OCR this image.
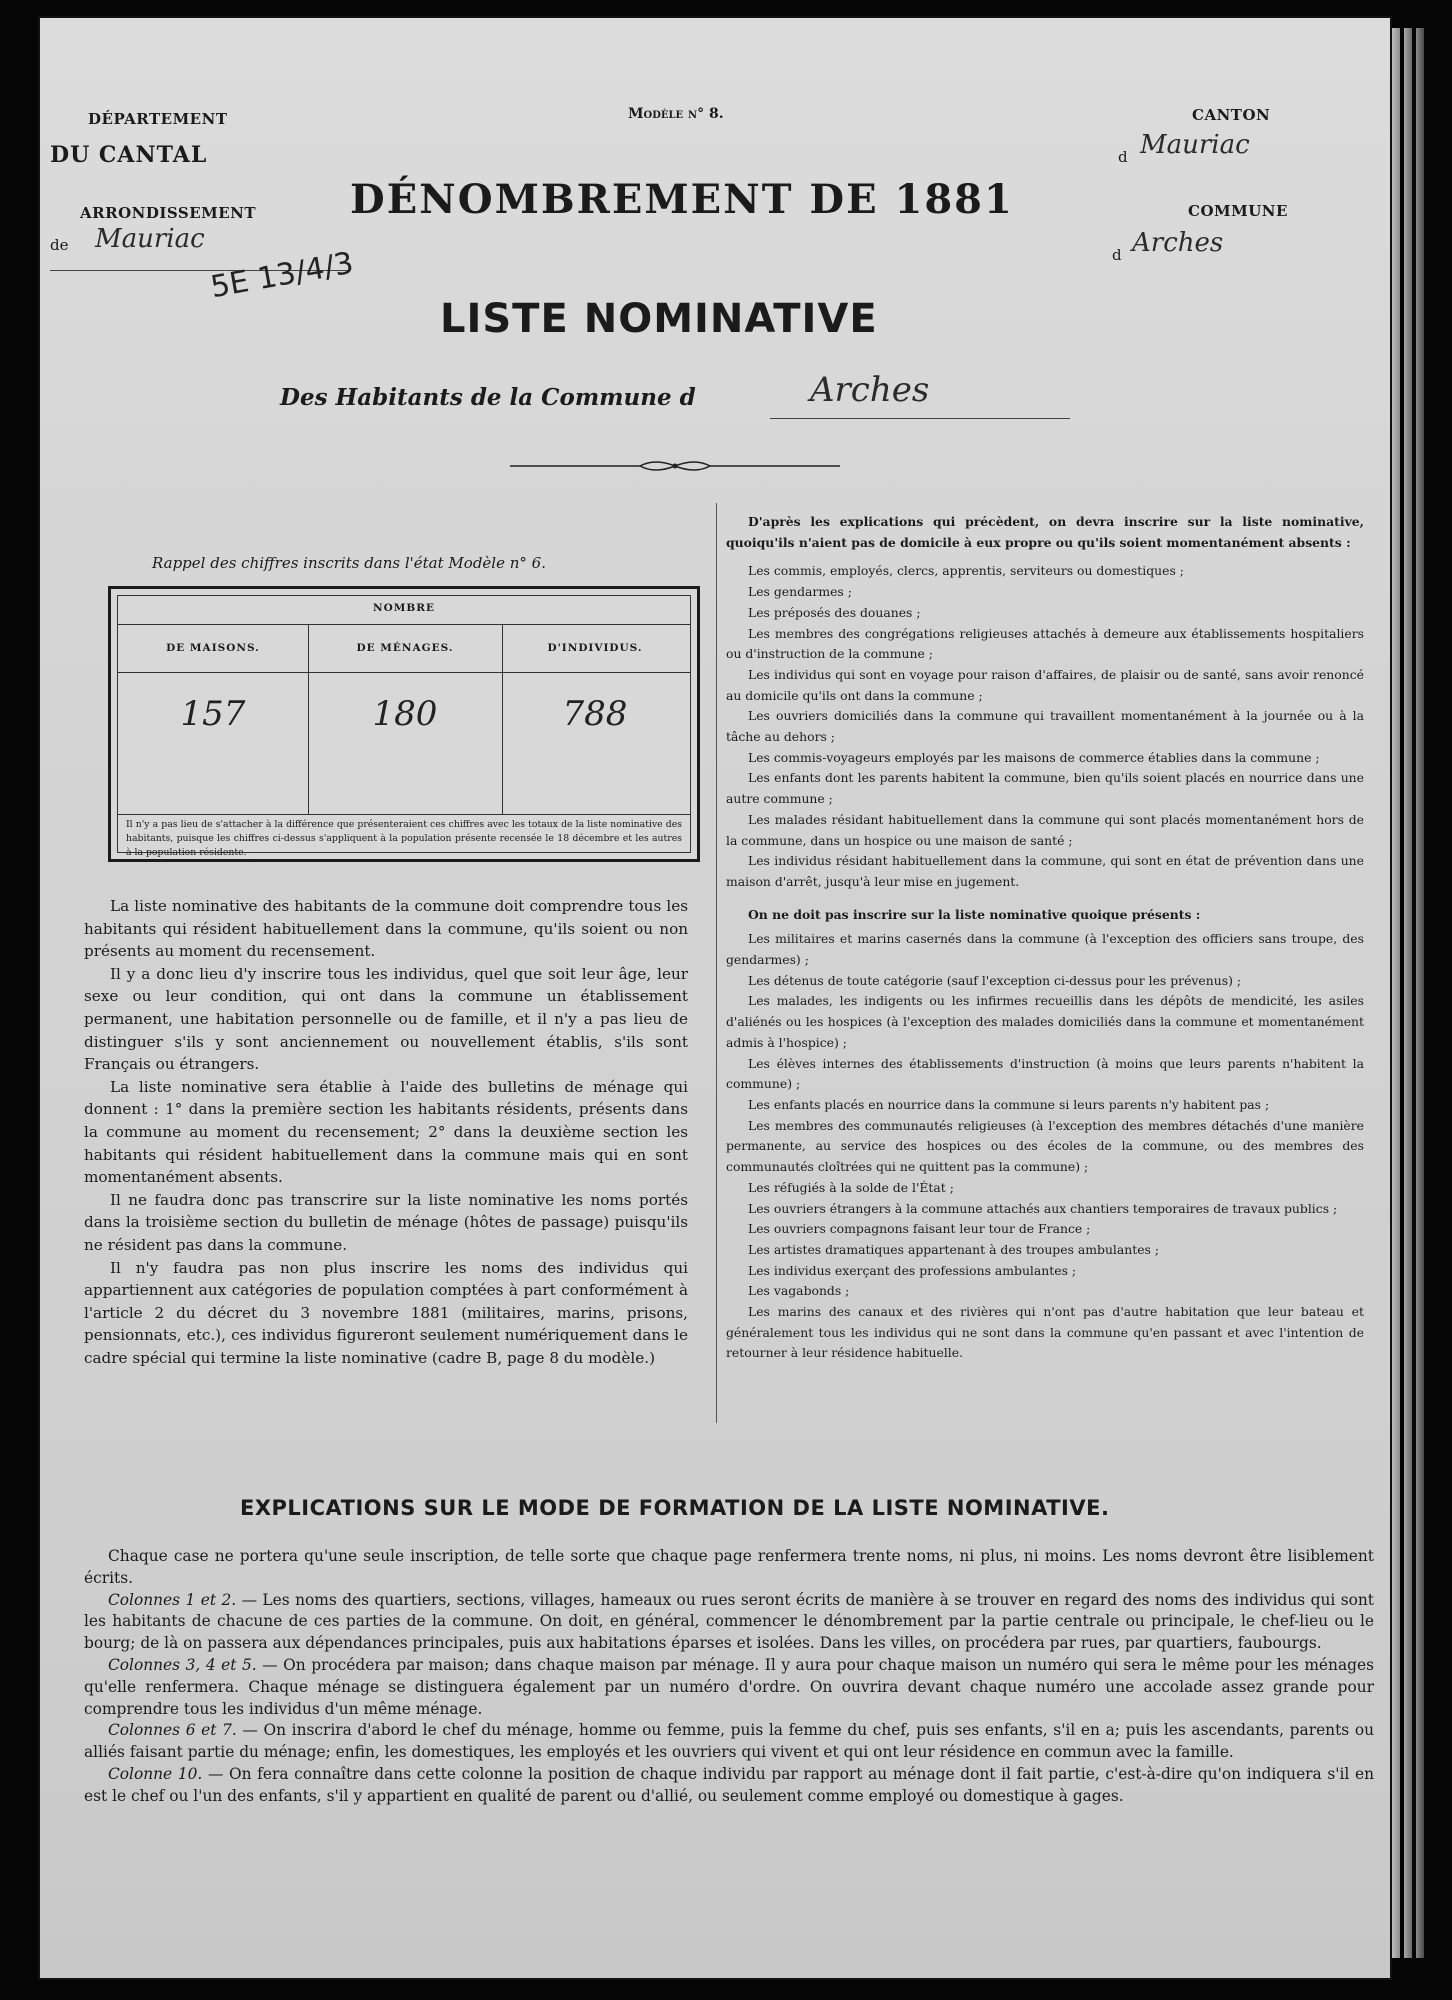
DÉPARTEMENT
DU CANTAL
ARRONDISSEMENT
de Mauriac
5E 13/4/3
Modèle n° 8.	CANTON
d Mauriac
COMMUNE
d Arches
DÉNOMBREMENT DE 1881
LISTE NOMINATIVE
Des Habitants de la Commune d	Arches
Rappel des chiffres inscrits dans l'état Modèle n° 6.
NOMBRE
DE MAISONS.	DE MÉNAGES.	D'INDIVIDUS.
157	180	788
Il n'y a pas lieu de s'attacher à la différence que présenteraient ces chiffres avec les totaux de la liste nominative des habitants, puisque les chiffres ci-dessus s'appliquent à la population présente recensée le 18 décembre et les autres à la population résidente.

La liste nominative des habitants de la commune doit comprendre tous les habitants qui résident habituellement dans la commune, qu'ils soient ou non présents au moment du recensement.

Il y a donc lieu d'y inscrire tous les individus, quel que soit leur âge, leur sexe ou leur condition, qui ont dans la commune un établissement permanent, une habitation personnelle ou de famille, et il n'y a pas lieu de distinguer s'ils y sont anciennement ou nouvellement établis, s'ils sont Français ou étrangers.

La liste nominative sera établie à l'aide des bulletins de ménage qui donnent : 1° dans la première section les habitants résidents, présents dans la commune au moment du recensement; 2° dans la deuxième section les habitants qui résident habituellement dans la commune mais qui en sont momentanément absents.

Il ne faudra donc pas transcrire sur la liste nominative les noms portés dans la troisième section du bulletin de ménage (hôtes de passage) puisqu'ils ne résident pas dans la commune.

Il n'y faudra pas non plus inscrire les noms des individus qui appartiennent aux catégories de population comptées à part conformément à l'article 2 du décret du 3 novembre 1881 (militaires, marins, prisons, pensionnats, etc.), ces individus figureront seulement numériquement dans le cadre spécial qui termine la liste nominative (cadre B, page 8 du modèle.)

D'après les explications qui précèdent, on devra inscrire sur la liste nominative, quoiqu'ils n'aient pas de domicile à eux propre ou qu'ils soient momentanément absents :

Les commis, employés, clercs, apprentis, serviteurs ou domestiques ;
Les gendarmes ;
Les préposés des douanes ;
Les membres des congrégations religieuses attachés à demeure aux établissements hospitaliers ou d'instruction de la commune ;
Les individus qui sont en voyage pour raison d'affaires, de plaisir ou de santé, sans avoir renoncé au domicile qu'ils ont dans la commune ;
Les ouvriers domiciliés dans la commune qui travaillent momentanément à la journée ou à la tâche au dehors ;
Les commis-voyageurs employés par les maisons de commerce établies dans la commune ;
Les enfants dont les parents habitent la commune, bien qu'ils soient placés en nourrice dans une autre commune ;
Les malades résidant habituellement dans la commune qui sont placés momentanément hors de la commune, dans un hospice ou une maison de santé ;
Les individus résidant habituellement dans la commune, qui sont en état de prévention dans une maison d'arrêt, jusqu'à leur mise en jugement.

On ne doit pas inscrire sur la liste nominative quoique présents :

Les militaires et marins casernés dans la commune (à l'exception des officiers sans troupe, des gendarmes) ;
Les détenus de toute catégorie (sauf l'exception ci-dessus pour les prévenus) ;
Les malades, les indigents ou les infirmes recueillis dans les dépôts de mendicité, les asiles d'aliénés ou les hospices (à l'exception des malades domiciliés dans la commune et momentanément admis à l'hospice) ;
Les élèves internes des établissements d'instruction (à moins que leurs parents n'habitent la commune) ;
Les enfants placés en nourrice dans la commune si leurs parents n'y habitent pas ;
Les membres des communautés religieuses (à l'exception des membres détachés d'une manière permanente, au service des hospices ou des écoles de la commune, ou des membres des communautés cloîtrées qui ne quittent pas la commune) ;
Les réfugiés à la solde de l'État ;
Les ouvriers étrangers à la commune attachés aux chantiers temporaires de travaux publics ;
Les ouvriers compagnons faisant leur tour de France ;
Les artistes dramatiques appartenant à des troupes ambulantes ;
Les individus exerçant des professions ambulantes ;
Les vagabonds ;
Les marins des canaux et des rivières qui n'ont pas d'autre habitation que leur bateau et généralement tous les individus qui ne sont dans la commune qu'en passant et avec l'intention de retourner à leur résidence habituelle.
EXPLICATIONS SUR LE MODE DE FORMATION DE LA LISTE NOMINATIVE.

Chaque case ne portera qu'une seule inscription, de telle sorte que chaque page renfermera trente noms, ni plus, ni moins. Les noms devront être lisiblement écrits.

Colonnes 1 et 2. — Les noms des quartiers, sections, villages, hameaux ou rues seront écrits de manière à se trouver en regard des noms des individus qui sont les habitants de chacune de ces parties de la commune. On doit, en général, commencer le dénombrement par la partie centrale ou principale, le chef-lieu ou le bourg; de là on passera aux dépendances principales, puis aux habitations éparses et isolées. Dans les villes, on procédera par rues, par quartiers, faubourgs.

Colonnes 3, 4 et 5. — On procédera par maison; dans chaque maison par ménage. Il y aura pour chaque maison un numéro qui sera le même pour les ménages qu'elle renfermera. Chaque ménage se distinguera également par un numéro d'ordre. On ouvrira devant chaque numéro une accolade assez grande pour comprendre tous les individus d'un même ménage.

Colonnes 6 et 7. — On inscrira d'abord le chef du ménage, homme ou femme, puis la femme du chef, puis ses enfants, s'il en a; puis les ascendants, parents ou alliés faisant partie du ménage; enfin, les domestiques, les employés et les ouvriers qui vivent et qui ont leur résidence en commun avec la famille.

Colonne 10. — On fera connaître dans cette colonne la position de chaque individu par rapport au ménage dont il fait partie, c'est-à-dire qu'on indiquera s'il en est le chef ou l'un des enfants, s'il y appartient en qualité de parent ou d'allié, ou seulement comme employé ou domestique à gages.
